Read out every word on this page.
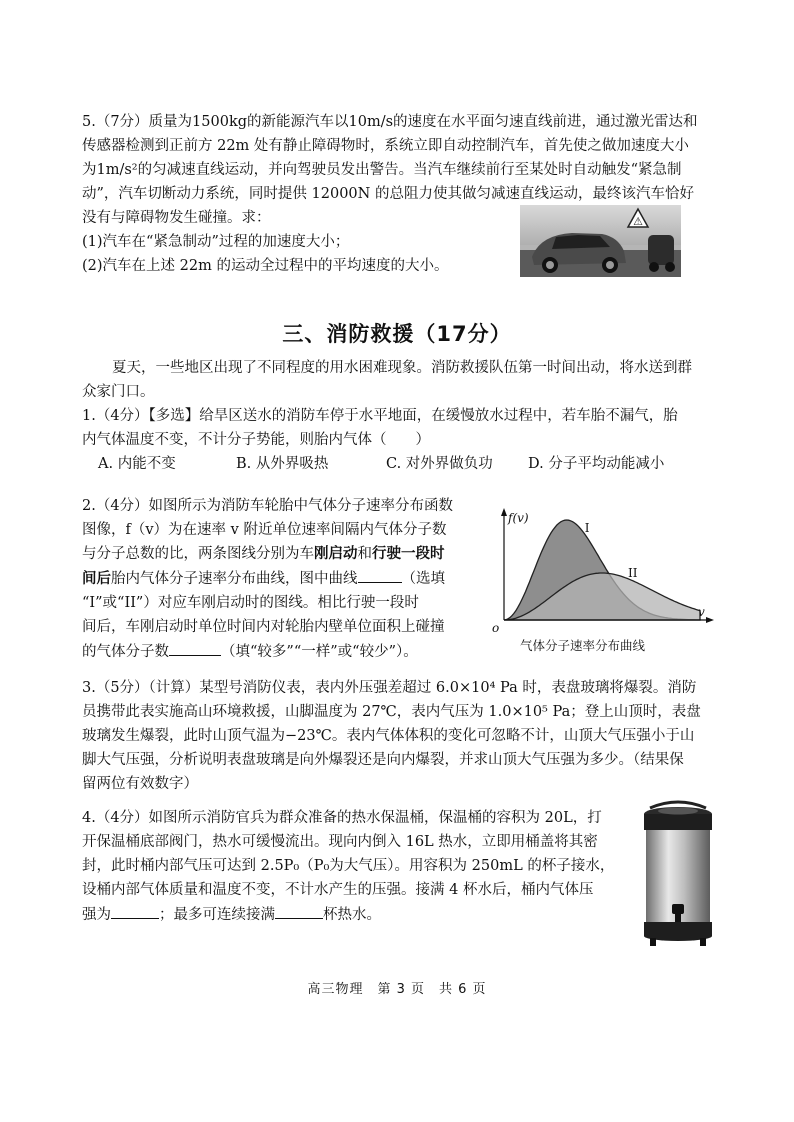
5.（7分）质量为1500kg的新能源汽车以10m/s的速度在水平面匀速直线前进，通过激光雷达和
传感器检测到正前方 22m 处有静止障碍物时，系统立即自动控制汽车，首先使之做加速度大小
为1m/s²的匀减速直线运动，并向驾驶员发出警告。当汽车继续前行至某处时自动触发“紧急制
动”，汽车切断动力系统，同时提供 12000N 的总阻力使其做匀减速直线运动，最终该汽车恰好
没有与障碍物发生碰撞。求：
(1)汽车在“紧急制动”过程的加速度大小；
(2)汽车在上述 22m 的运动全过程中的平均速度的大小。
⚠
三、消防救援（17分）
夏天，一些地区出现了不同程度的用水困难现象。消防救援队伍第一时间出动，将水送到群
众家门口。
1.（4分）【多选】给旱区送水的消防车停于水平地面，在缓慢放水过程中，若车胎不漏气，胎
内气体温度不变，不计分子势能，则胎内气体（　　）
A. 内能不变	B. 从外界吸热	C. 对外界做负功 D. 分子平均动能减小
2.（4分）如图所示为消防车轮胎中气体分子速率分布函数
图像，f（v）为在速率 v 附近单位速率间隔内气体分子数
与分子总数的比，两条图线分别为车刚启动和行驶一段时
间后胎内气体分子速率分布曲线，图中曲线	（选填
“I”或“II”）对应车刚启动时的图线。相比行驶一段时
间后，车刚启动时单位时间内对轮胎内壁单位面积上碰撞
的气体分子数	（填“较多”“一样”或“较少”）。
f(v)
v
o
I
II
气体分子速率分布曲线
3.（5分）（计算）某型号消防仪表，表内外压强差超过 6.0×10⁴ Pa 时，表盘玻璃将爆裂。消防
员携带此表实施高山环境救援，山脚温度为 27℃，表内气压为 1.0×10⁵ Pa；登上山顶时，表盘
玻璃发生爆裂，此时山顶气温为−23℃。表内气体体积的变化可忽略不计，山顶大气压强小于山
脚大气压强，分析说明表盘玻璃是向外爆裂还是向内爆裂，并求山顶大气压强为多少。（结果保
留两位有效数字）
4.（4分）如图所示消防官兵为群众准备的热水保温桶，保温桶的容积为 20L，打
开保温桶底部阀门，热水可缓慢流出。现向内倒入 16L 热水，立即用桶盖将其密
封，此时桶内部气压可达到 2.5P₀（P₀为大气压）。用容积为 250mL 的杯子接水，
设桶内部气体质量和温度不变，不计水产生的压强。接满 4 杯水后，桶内气体压
强为	；最多可连续接满	杯热水。
高三物理　第 3 页　共 6 页
